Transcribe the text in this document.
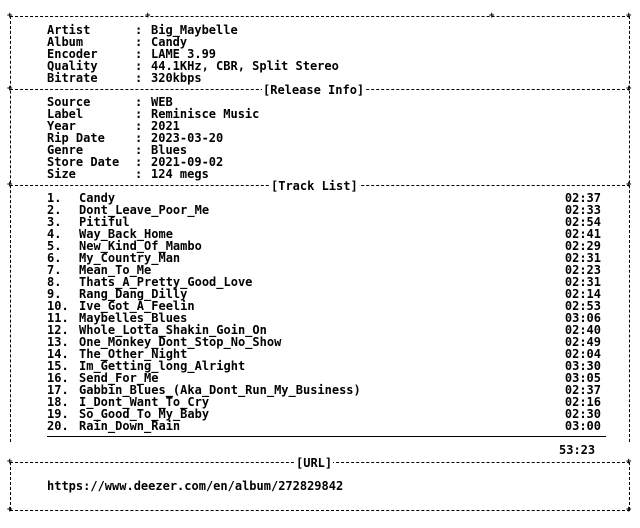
+	+	+	+
Artist	: Big_Maybelle
Album	: Candy
Encoder	: LAME 3.99
Quality	: 44.1KHz, CBR, Split Stereo
Bitrate	: 320kbps
+	+
[Release Info]
Source	: WEB
Label	: Reminisce Music
Year	: 2021
Rip Date	: 2023-03-20
Genre	: Blues
Store Date : 2021-09-02
Size	: 124 megs
+	+
[Track List]
1. Candy	02:37
2. Dont_Leave_Poor_Me	02:33
3. Pitiful	02:54
4. Way_Back_Home	02:41
5. New_Kind_Of_Mambo	02:29
6. My_Country_Man	02:31
7. Mean_To_Me	02:23
8. Thats_A_Pretty_Good_Love	02:31
9. Rang_Dang_Dilly	02:14
10. Ive_Got_A_Feelin	02:53
11. Maybelles_Blues	03:06
12. Whole_Lotta_Shakin_Goin_On	02:40
13. One_Monkey_Dont_Stop_No_Show	02:49
14. The_Other_Night	02:04
15. Im_Getting_long_Alright	03:30
16. Send_For_Me	03:05
17. Gabbin_Blues_(Aka_Dont_Run_My_Business)	02:37
18. I_Dont_Want_To_Cry	02:16
19. So_Good_To_My_Baby	02:30
20. Rain_Down_Rain	03:00
53:23
+	+
[URL]
https://www.deezer.com/en/album/272829842
+	+
